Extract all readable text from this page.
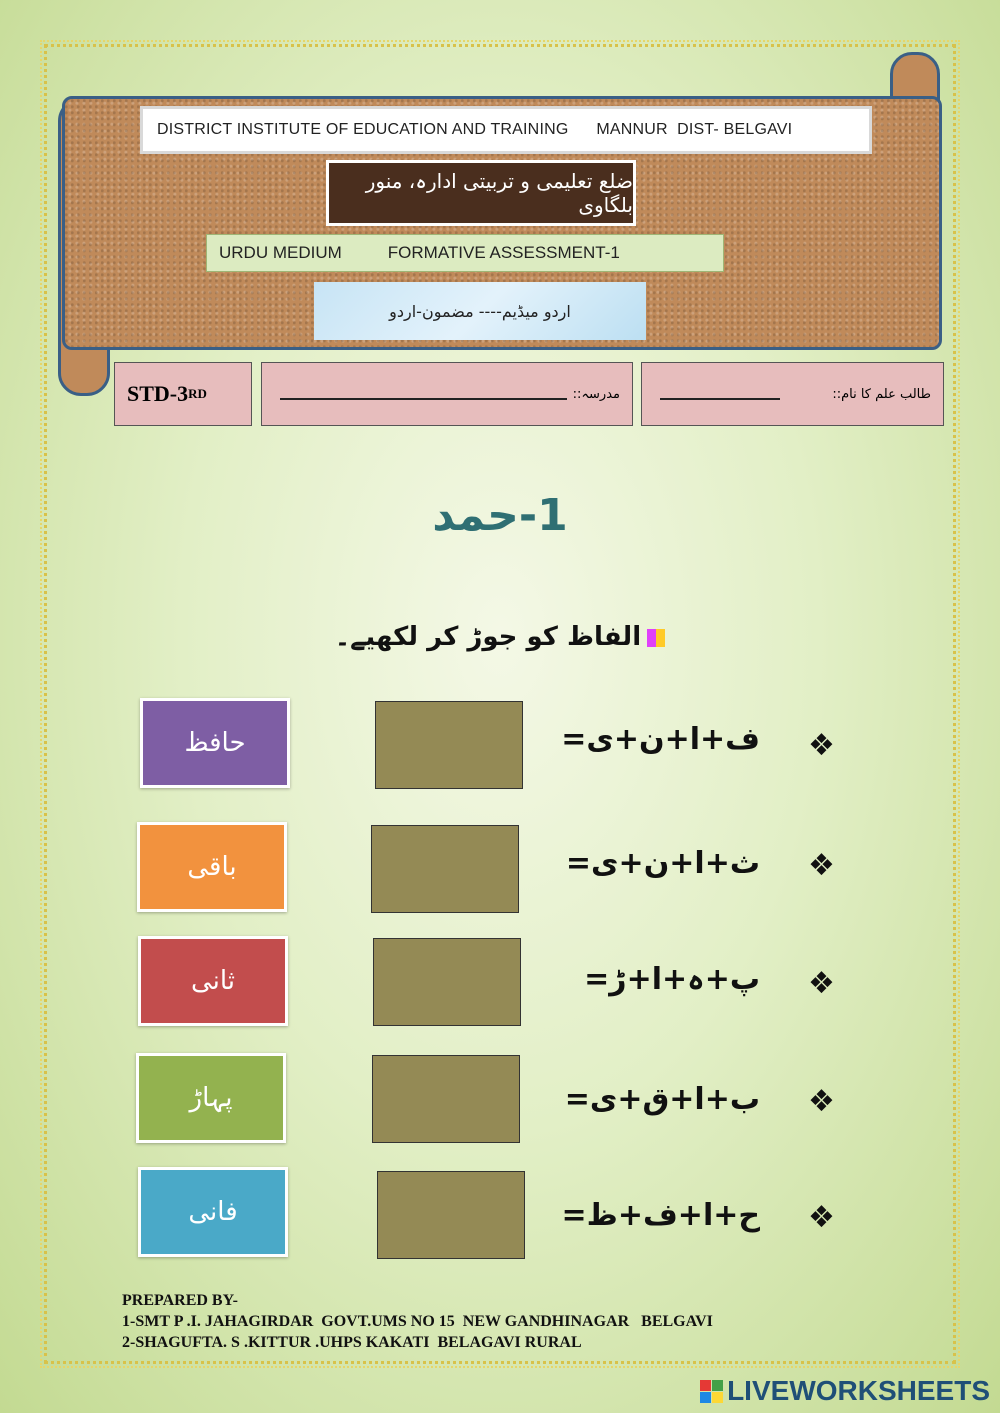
DISTRICT INSTITUTE OF EDUCATION AND TRAINING      MANNUR  DIST- BELGAVI
ضلع تعلیمی و تربیتی ادارہ، منور بلگاوی
URDU MEDIUM	FORMATIVE ASSESSMENT-1
اردو میڈیم---- مضمون-اردو
STD-3 RD	مدرسہ::	طالب علم کا نام::
1-حمد
الفاظ کو جوڑ کر لکھیے۔
حافظ	ف+ا+ن+ی= ❖
باقی	ث+ا+ن+ی= ❖
ثانی	پ+ہ+ا+ڑ= ❖
پہاڑ	ب+ا+ق+ی= ❖
فانی	ح+ا+ف+ظ= ❖
PREPARED BY-
1-SMT P .I. JAHAGIRDAR  GOVT.UMS NO 15  NEW GANDHINAGAR   BELGAVI
2-SHAGUFTA. S .KITTUR .UHPS KAKATI  BELAGAVI RURAL
LIVEWORKSHEETS
